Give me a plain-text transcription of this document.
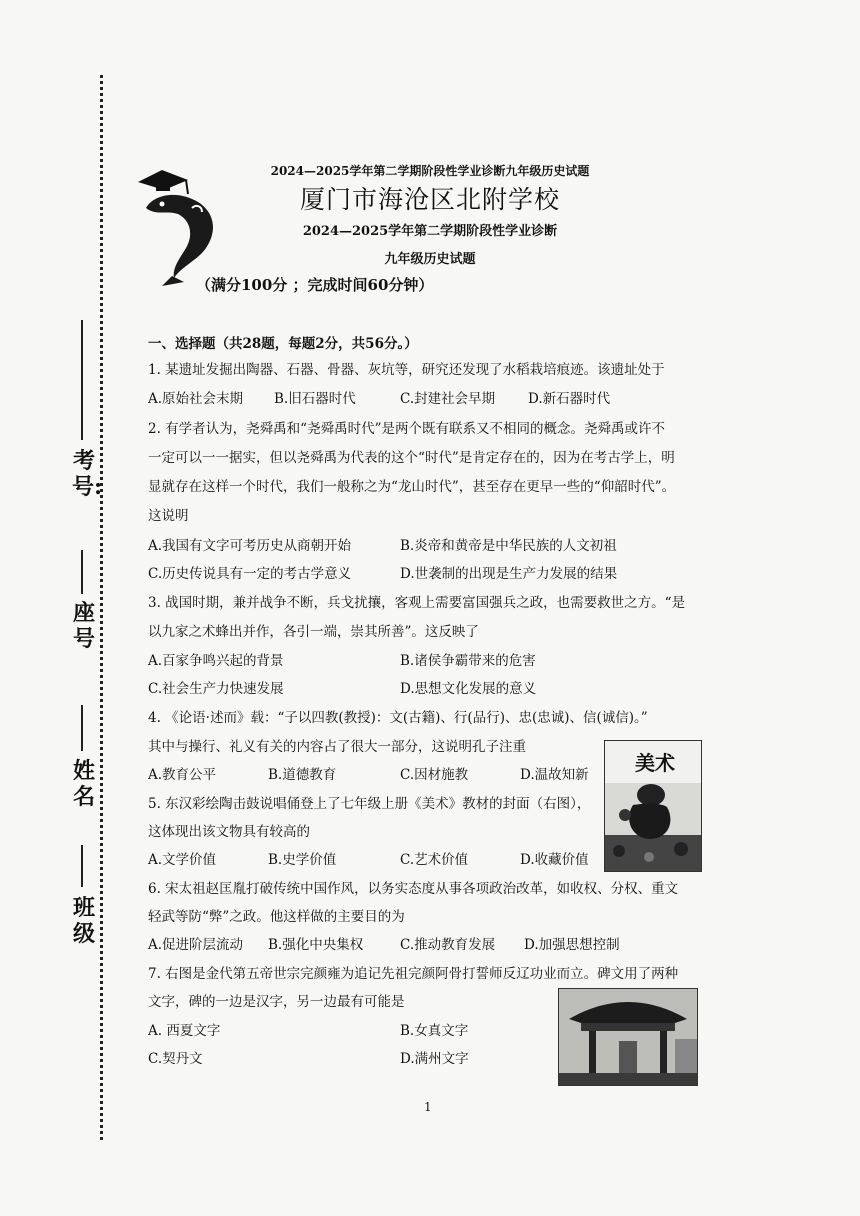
班级
姓名
座号
考 号:
2024—2025学年第二学期阶段性学业诊断九年级历史试题
厦门市海沧区北附学校
2024—2025学年第二学期阶段性学业诊断
九年级历史试题
（满分100分 ；完成时间60分钟）
一、选择题（共28题，每题2分，共56分。）
1. 某遗址发掘出陶器、石器、骨器、灰坑等，研究还发现了水稻栽培痕迹。该遗址处于
A.原始社会末期 B.旧石器时代	C.封建社会早期 D.新石器时代
2. 有学者认为，尧舜禹和“尧舜禹时代”是两个既有联系又不相同的概念。尧舜禹或许不
一定可以一一据实，但以尧舜禹为代表的这个“时代”是肯定存在的，因为在考古学上，明
显就存在这样一个时代，我们一般称之为“龙山时代”，甚至存在更早一些的“仰韶时代”。
这说明
A.我国有文字可考历史从商朝开始	B.炎帝和黄帝是中华民族的人文初祖
C.历史传说具有一定的考古学意义	D.世袭制的出现是生产力发展的结果
3. 战国时期，兼并战争不断，兵戈扰攘，客观上需要富国强兵之政，也需要救世之方。“是
以九家之术蜂出并作，各引一端，崇其所善”。这反映了
A.百家争鸣兴起的背景	B.诸侯争霸带来的危害
C.社会生产力快速发展	D.思想文化发展的意义
4. 《论语·述而》载：“子以四教(教授)：文(古籍)、行(品行)、忠(忠诚)、信(诚信)。”
其中与操行、礼义有关的内容占了很大一部分，这说明孔子注重
A.教育公平	B.道德教育	C.因材施教	D.温故知新 美术
5. 东汉彩绘陶击鼓说唱俑登上了七年级上册《美术》教材的封面（右图），
这体现出该文物具有较高的
A.文学价值	B.史学价值	C.艺术价值	D.收藏价值
6. 宋太祖赵匡胤打破传统中国作风，以务实态度从事各项政治改革，如收权、分权、重文
轻武等防“弊”之政。他这样做的主要目的为
A.促进阶层流动 B.强化中央集权	C.推动教育发展 D.加强思想控制
7. 右图是金代第五帝世宗完颜雍为追记先祖完颜阿骨打誓师反辽功业而立。碑文用了两种
文字，碑的一边是汉字，另一边最有可能是
A. 西夏文字	B.女真文字
C.契丹文	D.满州文字
1
